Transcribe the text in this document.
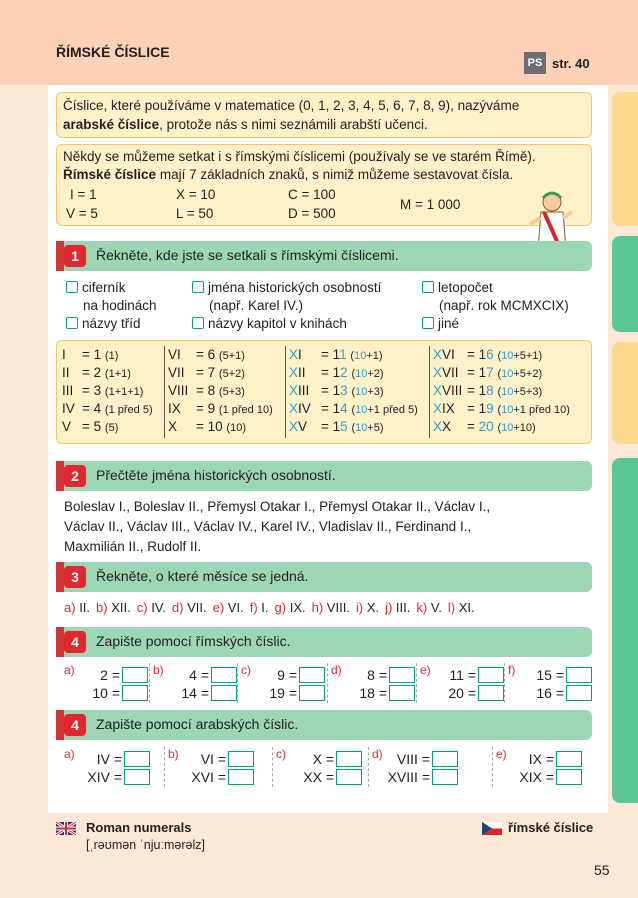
ŘÍMSKÉ ČÍSLICE
PS str. 40
Číslice, které používáme v matematice (0, 1, 2, 3, 4, 5, 6, 7, 8, 9), nazýváme
arabské číslice, protože nás s nimi seznámili arabští učenci.
Někdy se můžeme setkat i s římskými číslicemi (používaly se ve starém Římě).
Římské číslice mají 7 základních znaků, s nimiž můžeme sestavovat čísla.
I = 1	X = 10	C = 100
V = 5	L = 50	D = 500
M = 1 000
1	Řekněte, kde jste se setkali s římskými číslicemi.
ciferník
na hodinách
jména historických osobností
(např. Karel IV.)
letopočet
(např. rok MCMXCIX)
názvy tříd	názvy kapitol v knihách	jiné
I = 1 (1)	VI = 6 (5+1)	XI = 11 (10+1)	XVI = 16 (10+5+1)
II = 2 (1+1)	VII = 7 (5+2)	XII = 12 (10+2)	XVII = 17 (10+5+2)
III = 3 (1+1+1) VIII = 8 (5+3)	XIII = 13 (10+3)	XVIII = 18 (10+5+3)
IV = 4 (1 před 5) IX = 9 (1 před 10) XIV = 14 (10+1 před 5) XIX = 19 (10+1 před 10)
V = 5 (5)	X = 10 (10)	XV = 15 (10+5)	XX = 20 (10+10)
2	Přečtěte jména historických osobností.
Boleslav I., Boleslav II., Přemysl Otakar I., Přemysl Otakar II., Václav I.,
Václav II., Václav III., Václav IV., Karel IV., Vladislav II., Ferdinand I.,
Maxmilián II., Rudolf II.
3	Řekněte, o které měsíce se jedná.
a) II. b) XII. c) IV. d) VII. e) VI. f) I. g) IX. h) VIII. i) X. j) III. k) V. l) XI.
4	Zapište pomocí římských číslic.
a)	2 =
10 =
b)	4 =
14 =
c)	9 =
19 =
d)	8 =
18 =
e)	11 =
20 =
f)	15 =
16 =
4	Zapište pomocí arabských číslic.
a)	IV =
XIV =
b)	VI =
XVI =
c)	X =
XX =
d)	VIII =
XVIII =
e)	IX =
XIX =
Roman numerals
[ˌrəʊmən ˈnjuːmərəlz]
římské číslice
55
